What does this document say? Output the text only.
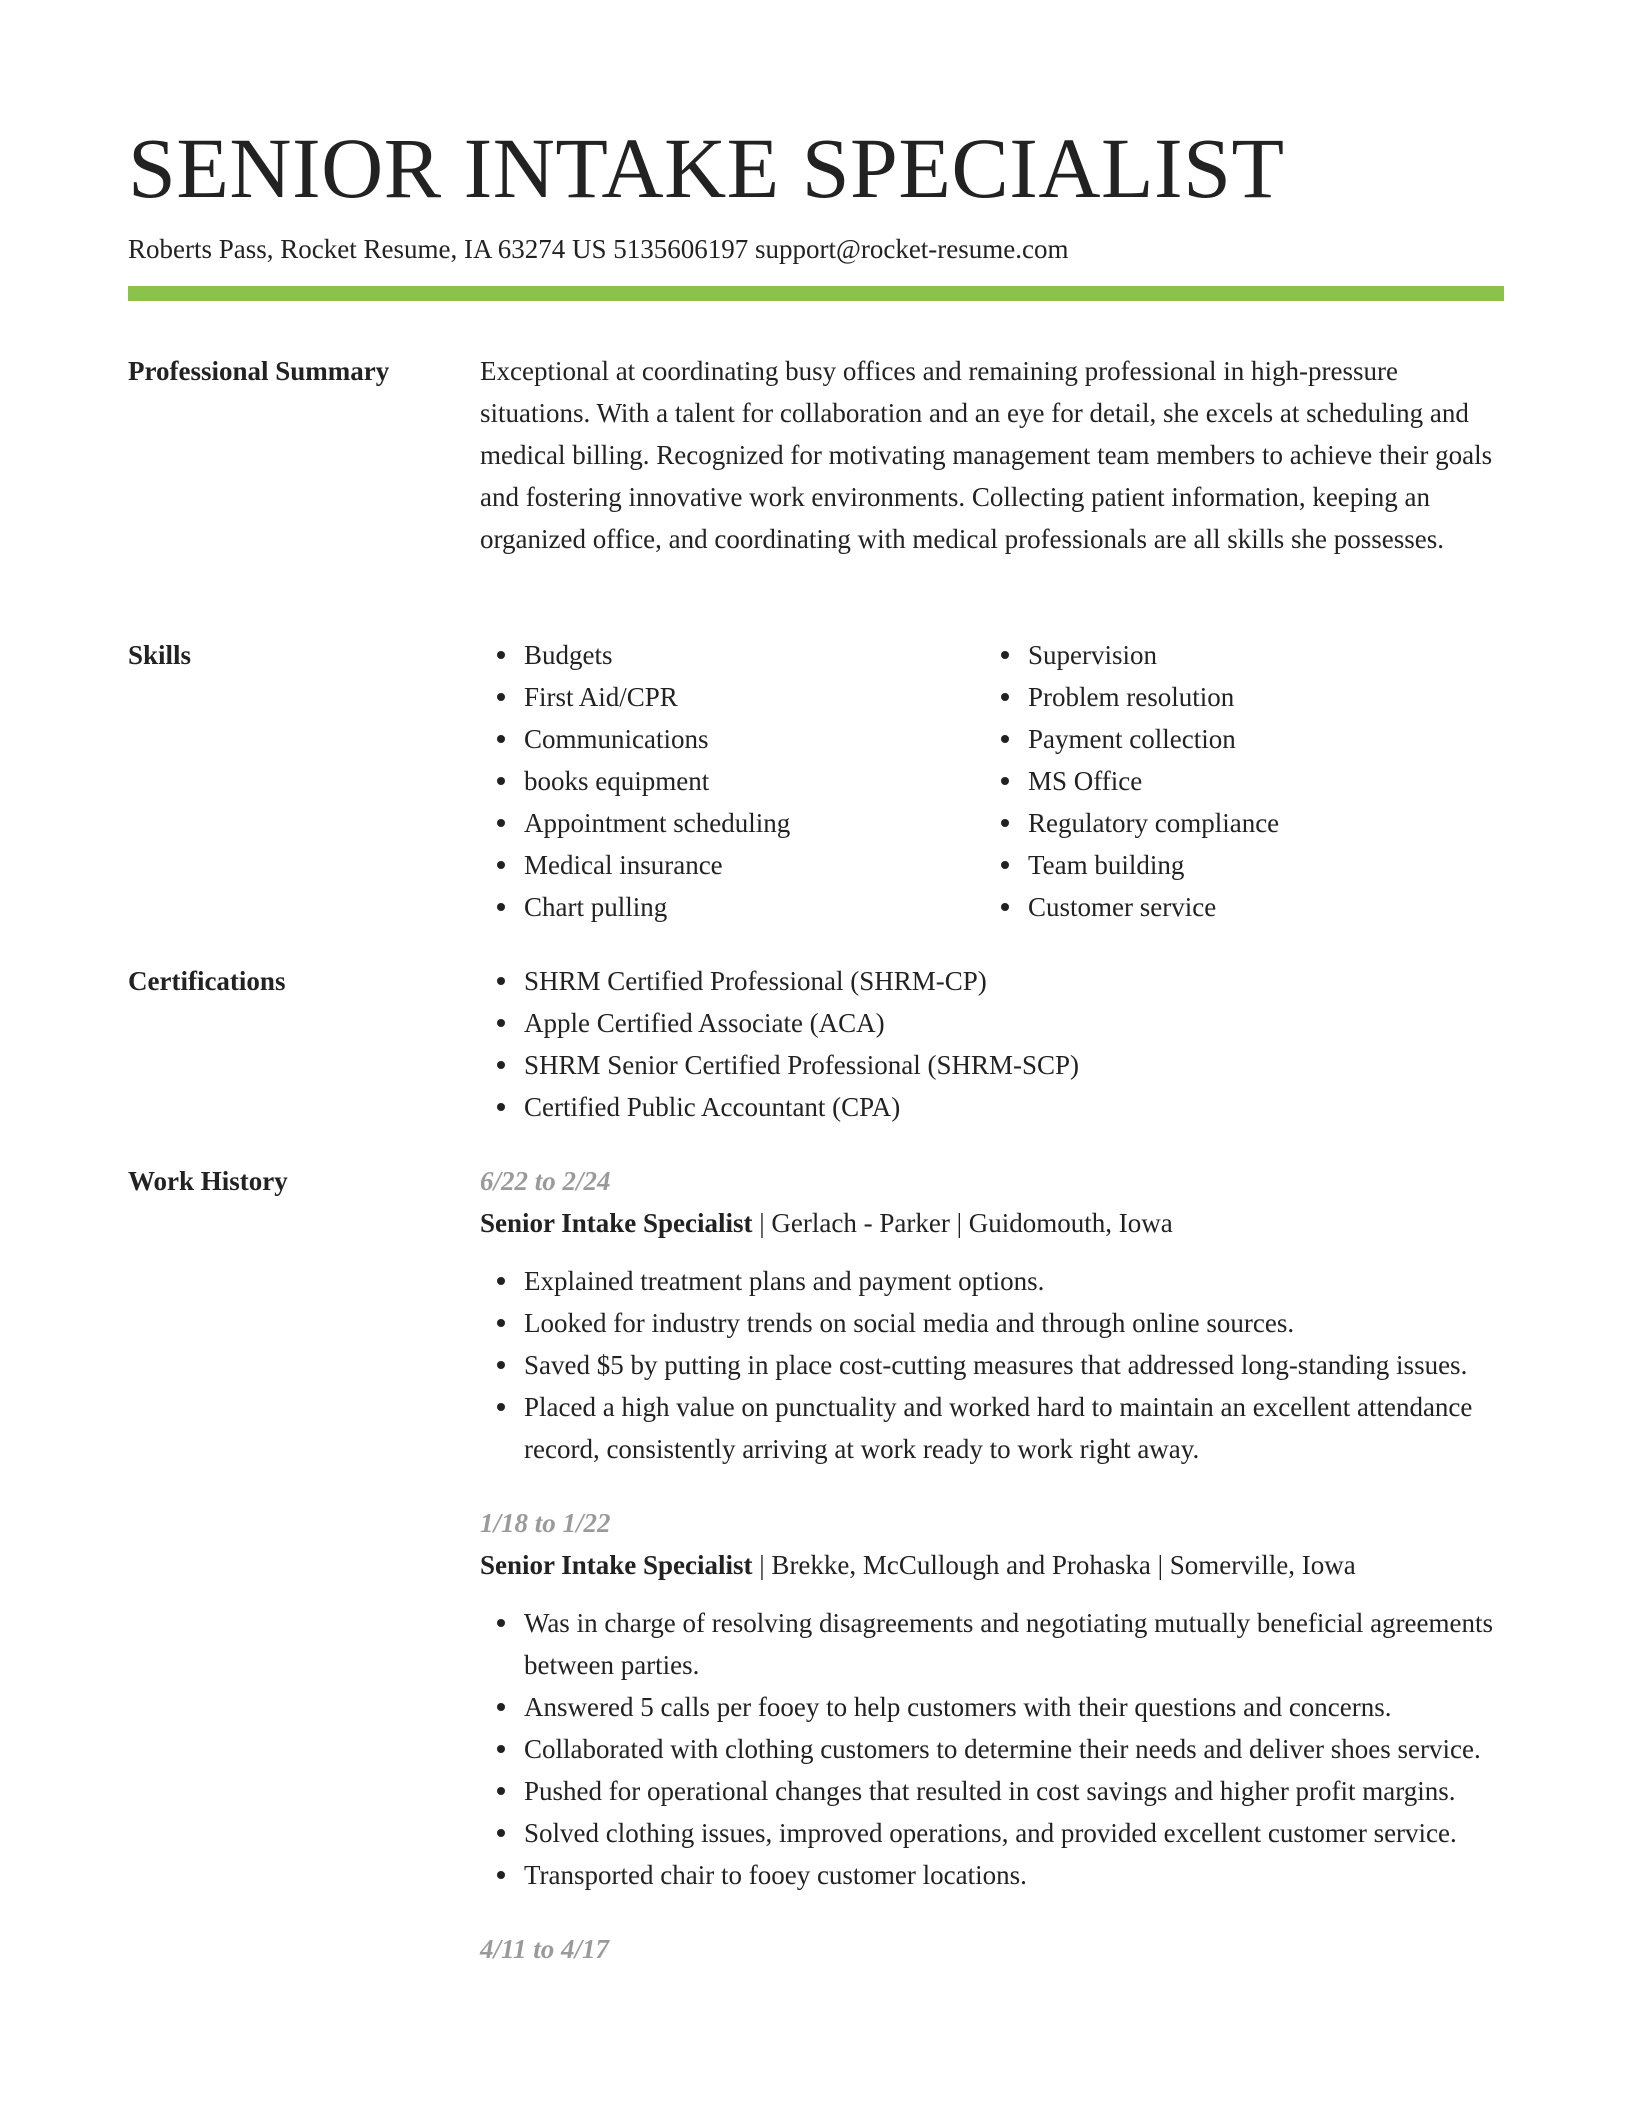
SENIOR INTAKE SPECIALIST
Roberts Pass, Rocket Resume, IA 63274 US 5135606197 support@rocket-resume.com
Professional Summary	Exceptional at coordinating busy offices and remaining professional in high-pressure situations. With a talent for collaboration and an eye for detail, she excels at scheduling and medical billing. Recognized for motivating management team members to achieve their goals and fostering innovative work environments. Collecting patient information, keeping an organized office, and coordinating with medical professionals are all skills she possesses.

Skills	Budgets
First Aid/CPR
Communications
books equipment
Appointment scheduling
Medical insurance
Chart pulling
Supervision
Problem resolution
Payment collection
MS Office
Regulatory compliance
Team building
Customer service
Certifications	SHRM Certified Professional (SHRM-CP)
Apple Certified Associate (ACA)
SHRM Senior Certified Professional (SHRM-SCP)
Certified Public Accountant (CPA)
Work History	6/22 to 2/24
Senior Intake Specialist | Gerlach - Parker | Guidomouth, Iowa
Explained treatment plans and payment options.
Looked for industry trends on social media and through online sources.
Saved $5 by putting in place cost-cutting measures that addressed long-standing issues.
Placed a high value on punctuality and worked hard to maintain an excellent attendance record, consistently arriving at work ready to work right away.
1/18 to 1/22
Senior Intake Specialist | Brekke, McCullough and Prohaska | Somerville, Iowa
Was in charge of resolving disagreements and negotiating mutually beneficial agreements between parties.
Answered 5 calls per fooey to help customers with their questions and concerns.
Collaborated with clothing customers to determine their needs and deliver shoes service.
Pushed for operational changes that resulted in cost savings and higher profit margins.
Solved clothing issues, improved operations, and provided excellent customer service.
Transported chair to fooey customer locations.
4/11 to 4/17
